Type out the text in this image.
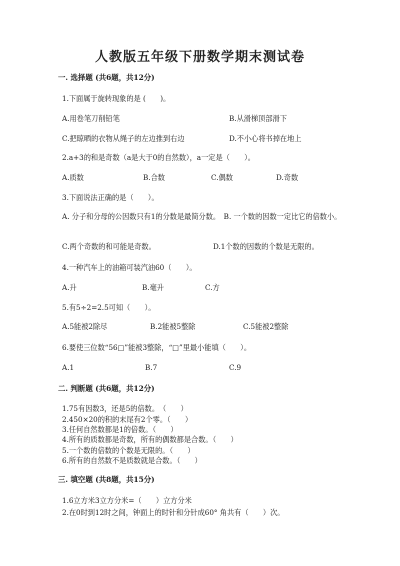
人教版五年级下册数学期末测试卷
一. 选择题 (共6题，共12分)
1.下面属于旋转现象的是 (　　)。
A.用卷笔刀削铅笔	B.从滑梯顶部滑下
C.把晾晒的衣物从绳子的左边推到右边	D.不小心将书掉在地上
2.a+3的和是奇数（a是大于0的自然数），a一定是（　　）。
A.质数	B.合数	C.偶数	D.奇数
3.下面说法正确的是（　　）。
A. 分子和分母的公因数只有1的分数是最简分数。　B. 一个数的因数一定比它的倍数小。
C.两个奇数的和可能是奇数。	D.1个数的因数的个数是无限的。
4.一种汽车上的油箱可装汽油60（　　）。
A.升	B.毫升	C.方
5.有5÷2=2.5可知（　　）。
A.5能被2除尽	B.2能被5整除	C.5能被2整除
6.要使三位数“56□”能被3整除，“□”里最小能填（　　）。
A.1	B.7	C.9
二. 判断题 (共6题，共12分)
1.75有因数3，还是5的倍数。　（　　）
2.450×20的积的末尾有2个零。（　　）
3.任何自然数都是1的倍数。（　　）
4.所有的质数都是奇数，所有的偶数都是合数。（　　）
5.一个数的倍数的个数是无限的。（　　）
6.所有的自然数不是质数就是合数。（　　）
三. 填空题 (共8题，共15分)
1.6立方米3立方分米=（　　）立方分米
2.在0时到12时之间，钟面上的时针和分针成60° 角共有（　　）次。
